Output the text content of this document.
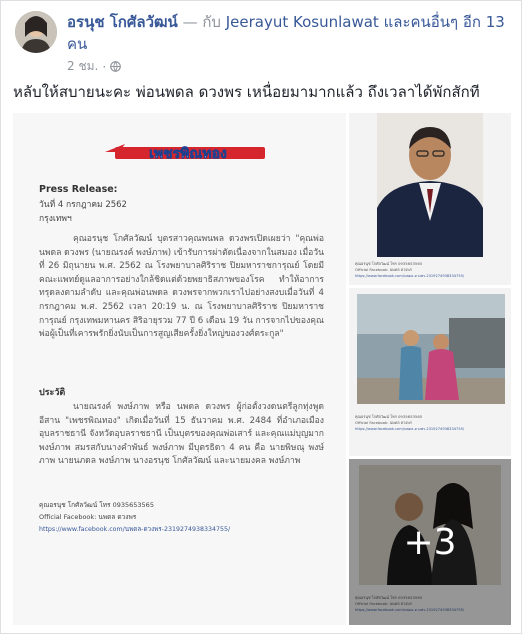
อรนุช โกศัลวัฒน์ — กับ Jeerayut Kosunlawat และคนอื่นๆ อีก 13 คน
2 ชม. ·
หลับให้สบายนะคะ พ่อนพดล ดวงพร เหนื่อยมามากแล้ว ถึงเวลาได้พักสักที
เพชรพิณทอง
Press Release:
วันที่ 4 กรกฎาคม 2562
กรุงเทพฯ
คุณอรนุช โกศัลวัฒน์ บุตรสาวคุณพนพล ดวงพรเปิดเผยว่า "คุณพ่อนพดล ดวงพร (นายณรงค์ พงษ์ภาพ) เข้ารับการผ่าตัดเนื่องจากในสมอง เมื่อวันที่ 26 มิถุนายน พ.ศ. 2562 ณ โรงพยาบาลศิริราช ปิยมหาราชการุณย์ โดยมีคณะแพทย์ดูแลอาการอย่างใกล้ชิดแต่ด้วยพยาธิสภาพของโรค ทำให้อาการทรุดลงตามลำดับ และคุณพ่อนพดล ดวงพรจากพวกเราไปอย่างสงบเมื่อวันที่ 4 กรกฎาคม พ.ศ. 2562 เวลา 20:19 น. ณ โรงพยาบาลศิริราช ปิยมหาราชการุณย์ กรุงเทพมหานคร สิริอายุรวม 77 ปี 6 เดือน 19 วัน การจากไปของคุณพ่อผู้เป็นที่เคารพรักยิ่งนับเป็นการสูญเสียครั้งยิ่งใหญ่ของวงศ์ตระกูล"
ประวัติ
นายณรงค์ พงษ์ภาพ หรือ นพดล ดวงพร ผู้ก่อตั้งวงดนตรีลูกทุ่งพูดอีสาน "เพชรพิณทอง" เกิดเมื่อวันที่ 15 ธันวาคม พ.ศ. 2484 ที่อำเภอเมืองอุบลราชธานี จังหวัดอุบลราชธานี เป็นบุตรของคุณพ่อเสาร์ และคุณแม่บุญมาก พงษ์ภาพ สมรสกับนางคำพันธ์ พงษ์ภาพ มีบุตรธิดา 4 คน คือ นายพิษณุ พงษ์ภาพ นายนภดล พงษ์ภาพ นางอรนุช โกศัลวัฒน์ และนายมงคล พงษ์ภาพ
คุณอรนุช โกศัลวัฒน์ โทร 0935653565
Official Facebook: นพดล ดวงพร
https://www.facebook.com/นพดล-ดวงพร-2319274938334755/
คุณอรนุช โกศัลวัฒน์ โทร 0935653565
Official Facebook: นพดล ดวงพร
https://www.facebook.com/นพดล-ดวงพร-2319274938334755/
คุณอรนุช โกศัลวัฒน์ โทร 0935653565
Official Facebook: นพดล ดวงพร
https://www.facebook.com/นพดล-ดวงพร-2319274938334755/
คุณอรนุช โกศัลวัฒน์ โทร 0935653565
Official Facebook: นพดล ดวงพร
https://www.facebook.com/นพดล-ดวงพร-2319274938334755/
+3
